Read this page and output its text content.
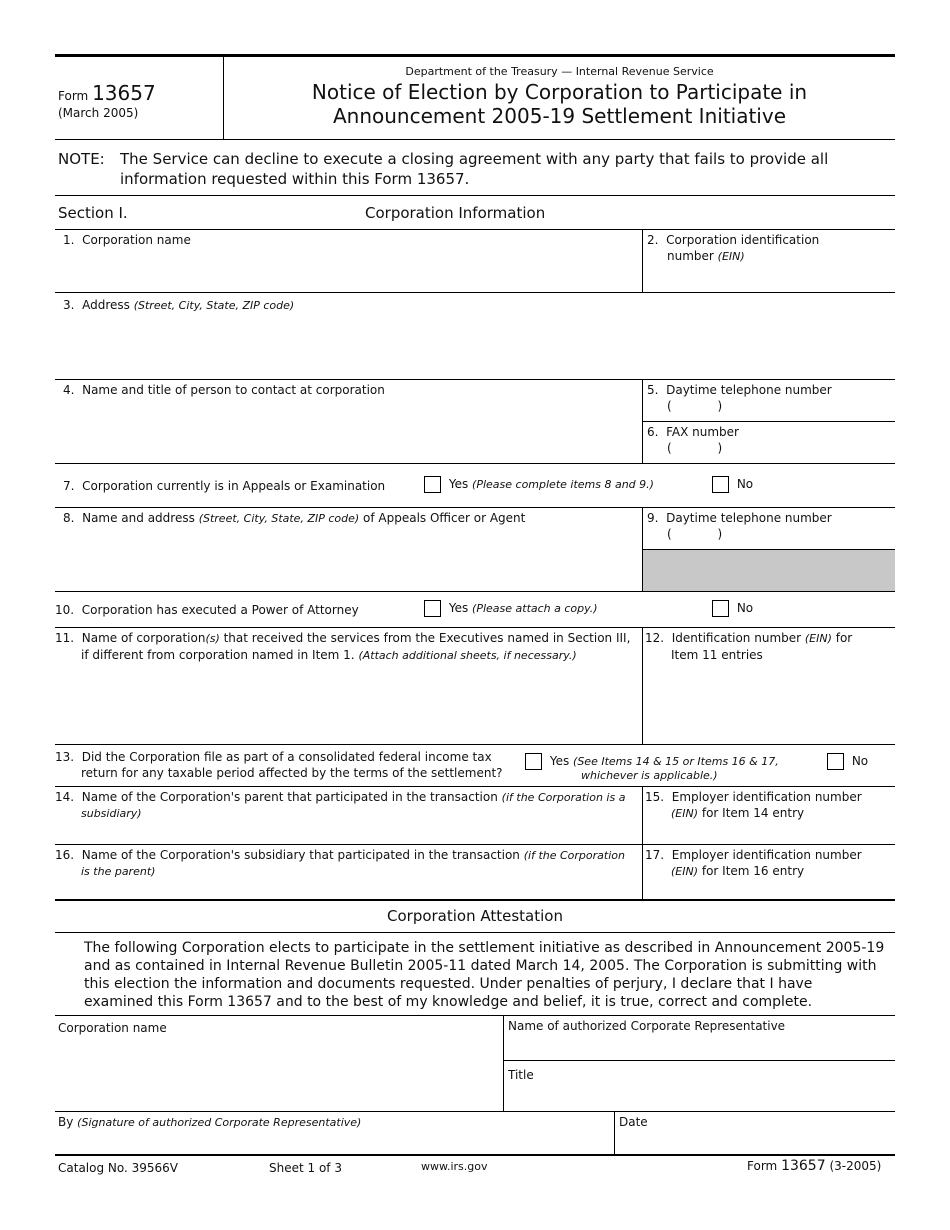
Form 13657
(March 2005)
Department of the Treasury — Internal Revenue Service
Notice of Election by Corporation to Participate in
Announcement 2005-19 Settlement Initiative
NOTE: The Service can decline to execute a closing agreement with any party that fails to provide all
information requested within this Form 13657.
Section I.	Corporation Information
1. Corporation name	2. Corporation identification
number (EIN)
3. Address (Street, City, State, ZIP code)
4. Name and title of person to contact at corporation	5. Daytime telephone number
(            )
6. FAX number
(            )
7. Corporation currently is in Appeals or Examination	Yes (Please complete items 8 and 9.)	No
8. Name and address (Street, City, State, ZIP code) of Appeals Officer or Agent	9. Daytime telephone number
(            )
10. Corporation has executed a Power of Attorney	Yes (Please attach a copy.)	No
11. Name of corporation(s) that received the services from the Executives named in Section III,
if different from corporation named in Item 1. (Attach additional sheets, if necessary.)
12. Identification number (EIN) for
Item 11 entries
13. Did the Corporation file as part of a consolidated federal income tax
return for any taxable period affected by the terms of the settlement?
Yes (See Items 14 & 15 or Items 16 & 17,
whichever is applicable.)
No
14. Name of the Corporation's parent that participated in the transaction (if the Corporation is a
subsidiary)
15. Employer identification number
(EIN) for Item 14 entry
16. Name of the Corporation's subsidiary that participated in the transaction (if the Corporation
is the parent)
17. Employer identification number
(EIN) for Item 16 entry
Corporation Attestation
The following Corporation elects to participate in the settlement initiative as described in Announcement 2005-19
and as contained in Internal Revenue Bulletin 2005-11 dated March 14, 2005. The Corporation is submitting with
this election the information and documents requested. Under penalties of perjury, I declare that I have
examined this Form 13657 and to the best of my knowledge and belief, it is true, correct and complete.
Corporation name	Name of authorized Corporate Representative
Title
By (Signature of authorized Corporate Representative)	Date
Catalog No. 39566V	Sheet 1 of 3	www.irs.gov	Form 13657 (3-2005)
